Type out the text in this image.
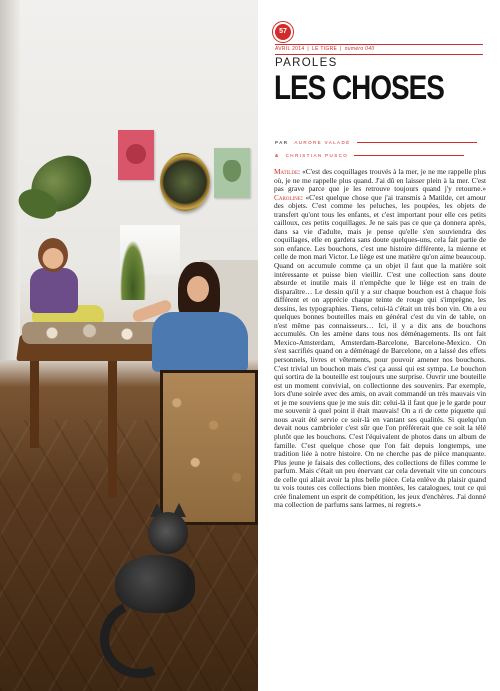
57
AVRIL 2014 | LE TIGRE | numéro 040
PAROLES
LES CHOSES
PAR AURORE VALADÉ
& CHRISTIAN PUSCO
Matilde: «C'est des coquillages trouvés à la mer, je ne me rappelle plus où, je ne me rappelle plus quand. J'ai dû en laisser plein à la mer. C'est pas grave parce que je les retrouve toujours quand j'y retourne.» Caroline: «C'est quelque chose que j'ai transmis à Matilde, cet amour des objets. C'est comme les peluches, les poupées, les objets de transfert qu'ont tous les enfants, et c'est important pour elle ces petits cailloux, ces petits coquillages. Je ne sais pas ce que ça donnera après, dans sa vie d'adulte, mais je pense qu'elle s'en souviendra des coquillages, elle en gardera sans doute quelques-uns, cela fait partie de son enfance. Les bouchons, c'est une histoire différente, la mienne et celle de mon mari Victor. Le liège est une matière qu'on aime beaucoup. Quand on accumule comme ça un objet il faut que la matière soit intéressante et puisse bien vieillir. C'est une collection sans doute absurde et inutile mais il n'empêche que le liège est en train de disparaître… Le dessin qu'il y a sur chaque bouchon est à chaque fois différent et on apprécie chaque teinte de rouge qui s'imprègne, les dessins, les typographies. Tiens, celui-là c'était un très bon vin. On a eu quelques bonnes bouteilles mais en général c'est du vin de table, on n'est même pas connaisseurs… Ici, il y a dix ans de bouchons accumulés. On les amène dans tous nos déménagements. Ils ont fait Mexico-Amsterdam, Amsterdam-Barcelone, Barcelone-Mexico. On s'est sacrifiés quand on a déménagé de Barcelone, on a laissé des effets personnels, livres et vêtements, pour pouvoir amener nos bouchons. C'est trivial un bouchon mais c'est ça aussi qui est sympa. Le bouchon qui sortira de la bouteille est toujours une surprise. Ouvrir une bouteille est un moment convivial, on collectionne des souvenirs. Par exemple, lors d'une soirée avec des amis, on avait commandé un très mauvais vin et je me souviens que je me suis dit: celui-là il faut que je le garde pour me souvenir à quel point il était mauvais! On a ri de cette piquette qui nous avait été servie ce soir-là en vantant ses qualités. Si quelqu'un devait nous cambrioler c'est sûr que l'on préférerait que ce soit la télé plutôt que les bouchons. C'est l'équivalent de photos dans un album de famille. C'est quelque chose que l'on fait depuis longtemps, une tradition liée à notre histoire. On ne cherche pas de pièce manquante. Plus jeune je faisais des collections, des collections de filles comme le parfum. Mais c'était un peu énervant car cela devenait vite un concours de celle qui allait avoir la plus belle pièce. Cela enlève du plaisir quand tu vois toutes ces collections bien montées, les catalogues, tout ce qui crée finalement un esprit de compétition, les jeux d'enchères. J'ai donné ma collection de parfums sans larmes, ni regrets.»
